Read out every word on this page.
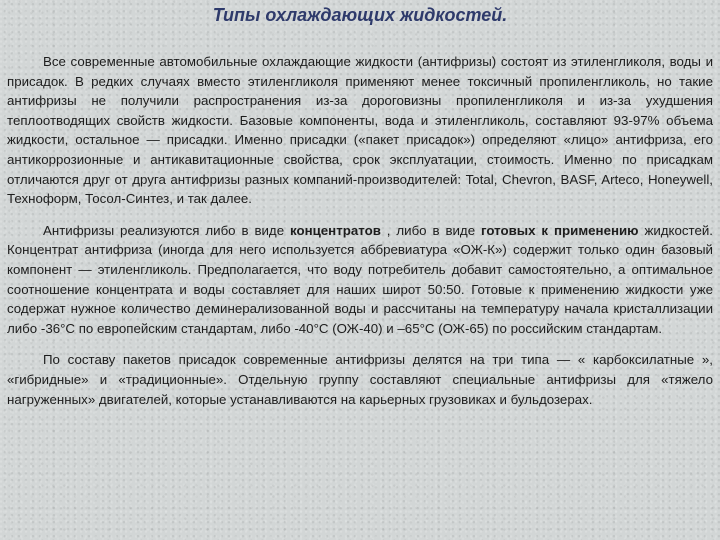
Типы охлаждающих жидкостей.

Все современные автомобильные охлаждающие жидкости (антифризы) состоят из этиленгликоля, воды и присадок. В редких случаях вместо этиленгликоля применяют менее токсичный пропиленгликоль, но такие антифризы не получили распространения из-за дороговизны пропиленгликоля и из-за ухудшения теплоотводящих свойств жидкости. Базовые компоненты, вода и этиленгликоль, составляют 93-97% объема жидкости, остальное — присадки. Именно присадки («пакет присадок») определяют «лицо» антифриза, его антикоррозионные и антикавитационные свойства, срок эксплуатации, стоимость. Именно по присадкам отличаются друг от друга антифризы разных компаний-производителей: Total, Chevron, BASF, Arteco, Honeywell, Техноформ, Тосол-Синтез, и так далее.

Антифризы реализуются либо в виде концентратов , либо в виде готовых к применению жидкостей. Концентрат антифриза (иногда для него используется аббревиатура «ОЖ-К») содержит только один базовый компонент — этиленгликоль. Предполагается, что воду потребитель добавит самостоятельно, а оптимальное соотношение концентрата и воды составляет для наших широт 50:50. Готовые к применению жидкости уже содержат нужное количество деминерализованной воды и рассчитаны на температуру начала кристаллизации либо -36°С по европейским стандартам, либо -40°С (ОЖ-40) и –65°С (ОЖ-65) по российским стандартам.

По составу пакетов присадок современные антифризы делятся на три типа — « карбоксилатные », «гибридные» и «традиционные». Отдельную группу составляют специальные антифризы для «тяжело нагруженных» двигателей, которые устанавливаются на карьерных грузовиках и бульдозерах.
